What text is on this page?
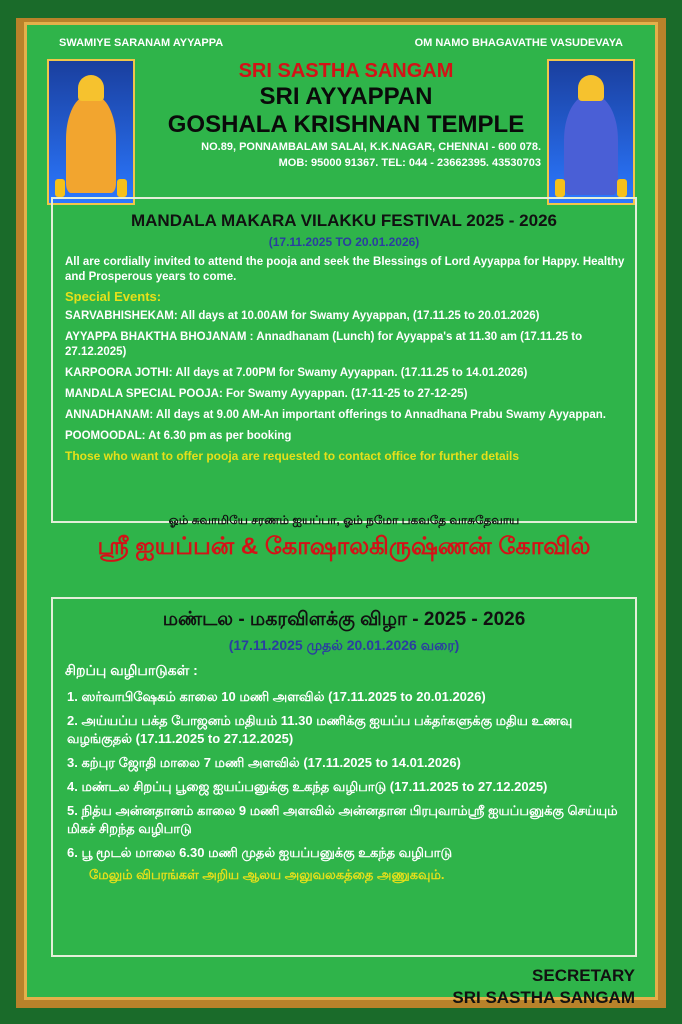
SWAMIYE SARANAM AYYAPPA	OM NAMO BHAGAVATHE VASUDEVAYA
SRI SASTHA SANGAM
SRI AYYAPPAN
GOSHALA KRISHNAN TEMPLE
NO.89, PONNAMBALAM SALAI, K.K.NAGAR, CHENNAI - 600 078.
MOB: 95000 91367. TEL: 044 - 23662395. 43530703
MANDALA MAKARA VILAKKU FESTIVAL 2025 - 2026
(17.11.2025 TO 20.01.2026)
All are cordially invited to attend the pooja and seek the Blessings of Lord Ayyappa for Happy. Healthy and Prosperous years to come.
Special Events:
SARVABHISHEKAM: All days at 10.00AM for Swamy Ayyappan, (17.11.25 to 20.01.2026)
AYYAPPA BHAKTHA BHOJANAM : Annadhanam (Lunch) for Ayyappa's at 11.30 am (17.11.25 to 27.12.2025)
KARPOORA JOTHI: All days at 7.00PM for Swamy Ayyappan. (17.11.25 to 14.01.2026)
MANDALA SPECIAL POOJA: For Swamy Ayyappan. (17-11-25 to 27-12-25)
ANNADHANAM: All days at 9.00 AM-An important offerings to Annadhana Prabu Swamy Ayyappan.
POOMOODAL: At 6.30 pm as per booking
Those who want to offer pooja are requested to contact office for further details
ஓம் சுவாமியே சரணம் ஐயப்பா, ஓம் நமோ பகவதே வாசுதேவாய
ஸ்ரீ ஐயப்பன் & கோஷாலகிருஷ்ணன் கோவில்
மண்டல - மகரவிளக்கு விழா - 2025 - 2026
(17.11.2025 முதல் 20.01.2026 வரை)
சிறப்பு வழிபாடுகள் :
1. ஸர்வாபிஷேகம் காலை 10 மணி அளவில் (17.11.2025 to 20.01.2026)
2. அய்யப்ப பக்த போஜனம் மதியம் 11.30 மணிக்கு ஐயப்ப பக்தர்களுக்கு மதிய உணவு வழங்குதல் (17.11.2025 to 27.12.2025)
3. கற்புர ஜோதி மாலை 7 மணி அளவில் (17.11.2025 to 14.01.2026)
4. மண்டல சிறப்பு பூஜை ஐயப்பனுக்கு உகந்த வழிபாடு (17.11.2025 to 27.12.2025)
5. நித்ய அன்னதானம் காலை 9 மணி அளவில் அன்னதான பிரபுவாம்ஸ்ரீ ஐயப்பனுக்கு செய்யும் மிகச் சிறந்த வழிபாடு
6. பூ மூடல் மாலை 6.30 மணி முதல் ஐயப்பனுக்கு உகந்த வழிபாடு
மேலும் விபரங்கள் அறிய ஆலய அலுவலகத்தை அணுகவும்.
SECRETARY
SRI SASTHA SANGAM
